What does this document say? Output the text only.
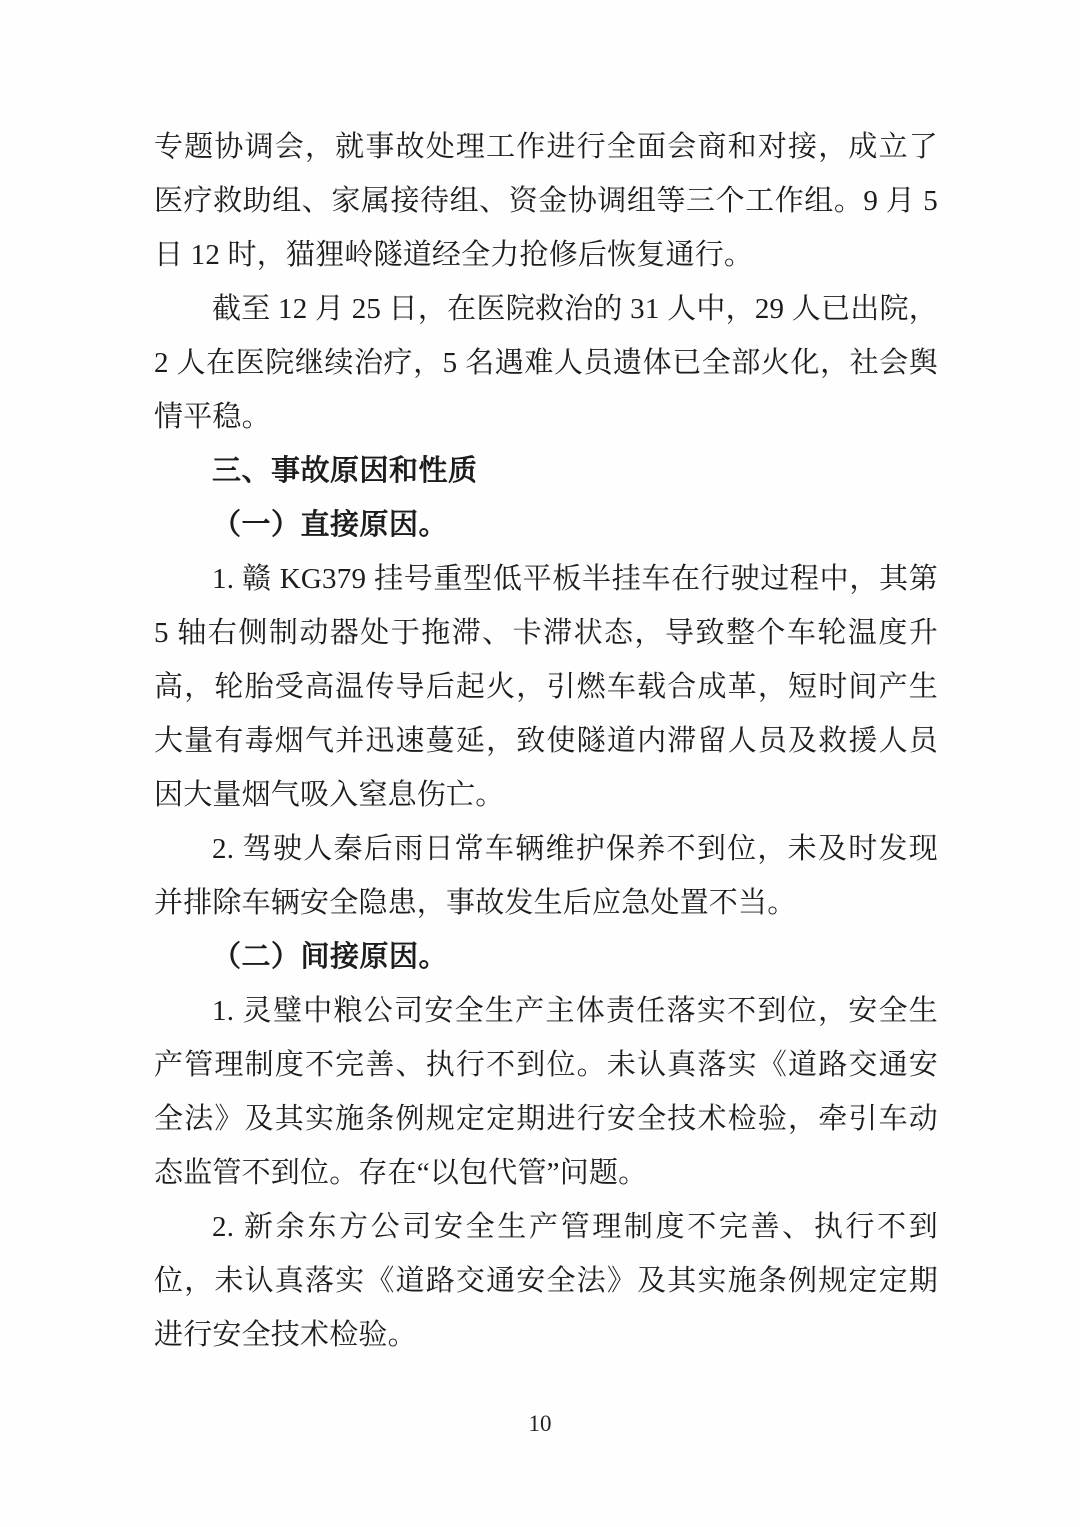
专题协调会，就事故处理工作进行全面会商和对接，成立了医疗救助组、家属接待组、资金协调组等三个工作组。9 月 5 日 12 时，猫狸岭隧道经全力抢修后恢复通行。

截至 12 月 25 日，在医院救治的 31 人中，29 人已出院，2 人在医院继续治疗，5 名遇难人员遗体已全部火化，社会舆情平稳。

三、事故原因和性质

（一）直接原因。

1. 赣 KG379 挂号重型低平板半挂车在行驶过程中，其第 5 轴右侧制动器处于拖滞、卡滞状态，导致整个车轮温度升高，轮胎受高温传导后起火，引燃车载合成革，短时间产生大量有毒烟气并迅速蔓延，致使隧道内滞留人员及救援人员因大量烟气吸入窒息伤亡。

2. 驾驶人秦后雨日常车辆维护保养不到位，未及时发现并排除车辆安全隐患，事故发生后应急处置不当。

（二）间接原因。

1. 灵璧中粮公司安全生产主体责任落实不到位，安全生产管理制度不完善、执行不到位。未认真落实《道路交通安全法》及其实施条例规定定期进行安全技术检验，牵引车动态监管不到位。存在“以包代管”问题。

2. 新余东方公司安全生产管理制度不完善、执行不到位，未认真落实《道路交通安全法》及其实施条例规定定期进行安全技术检验。

10
